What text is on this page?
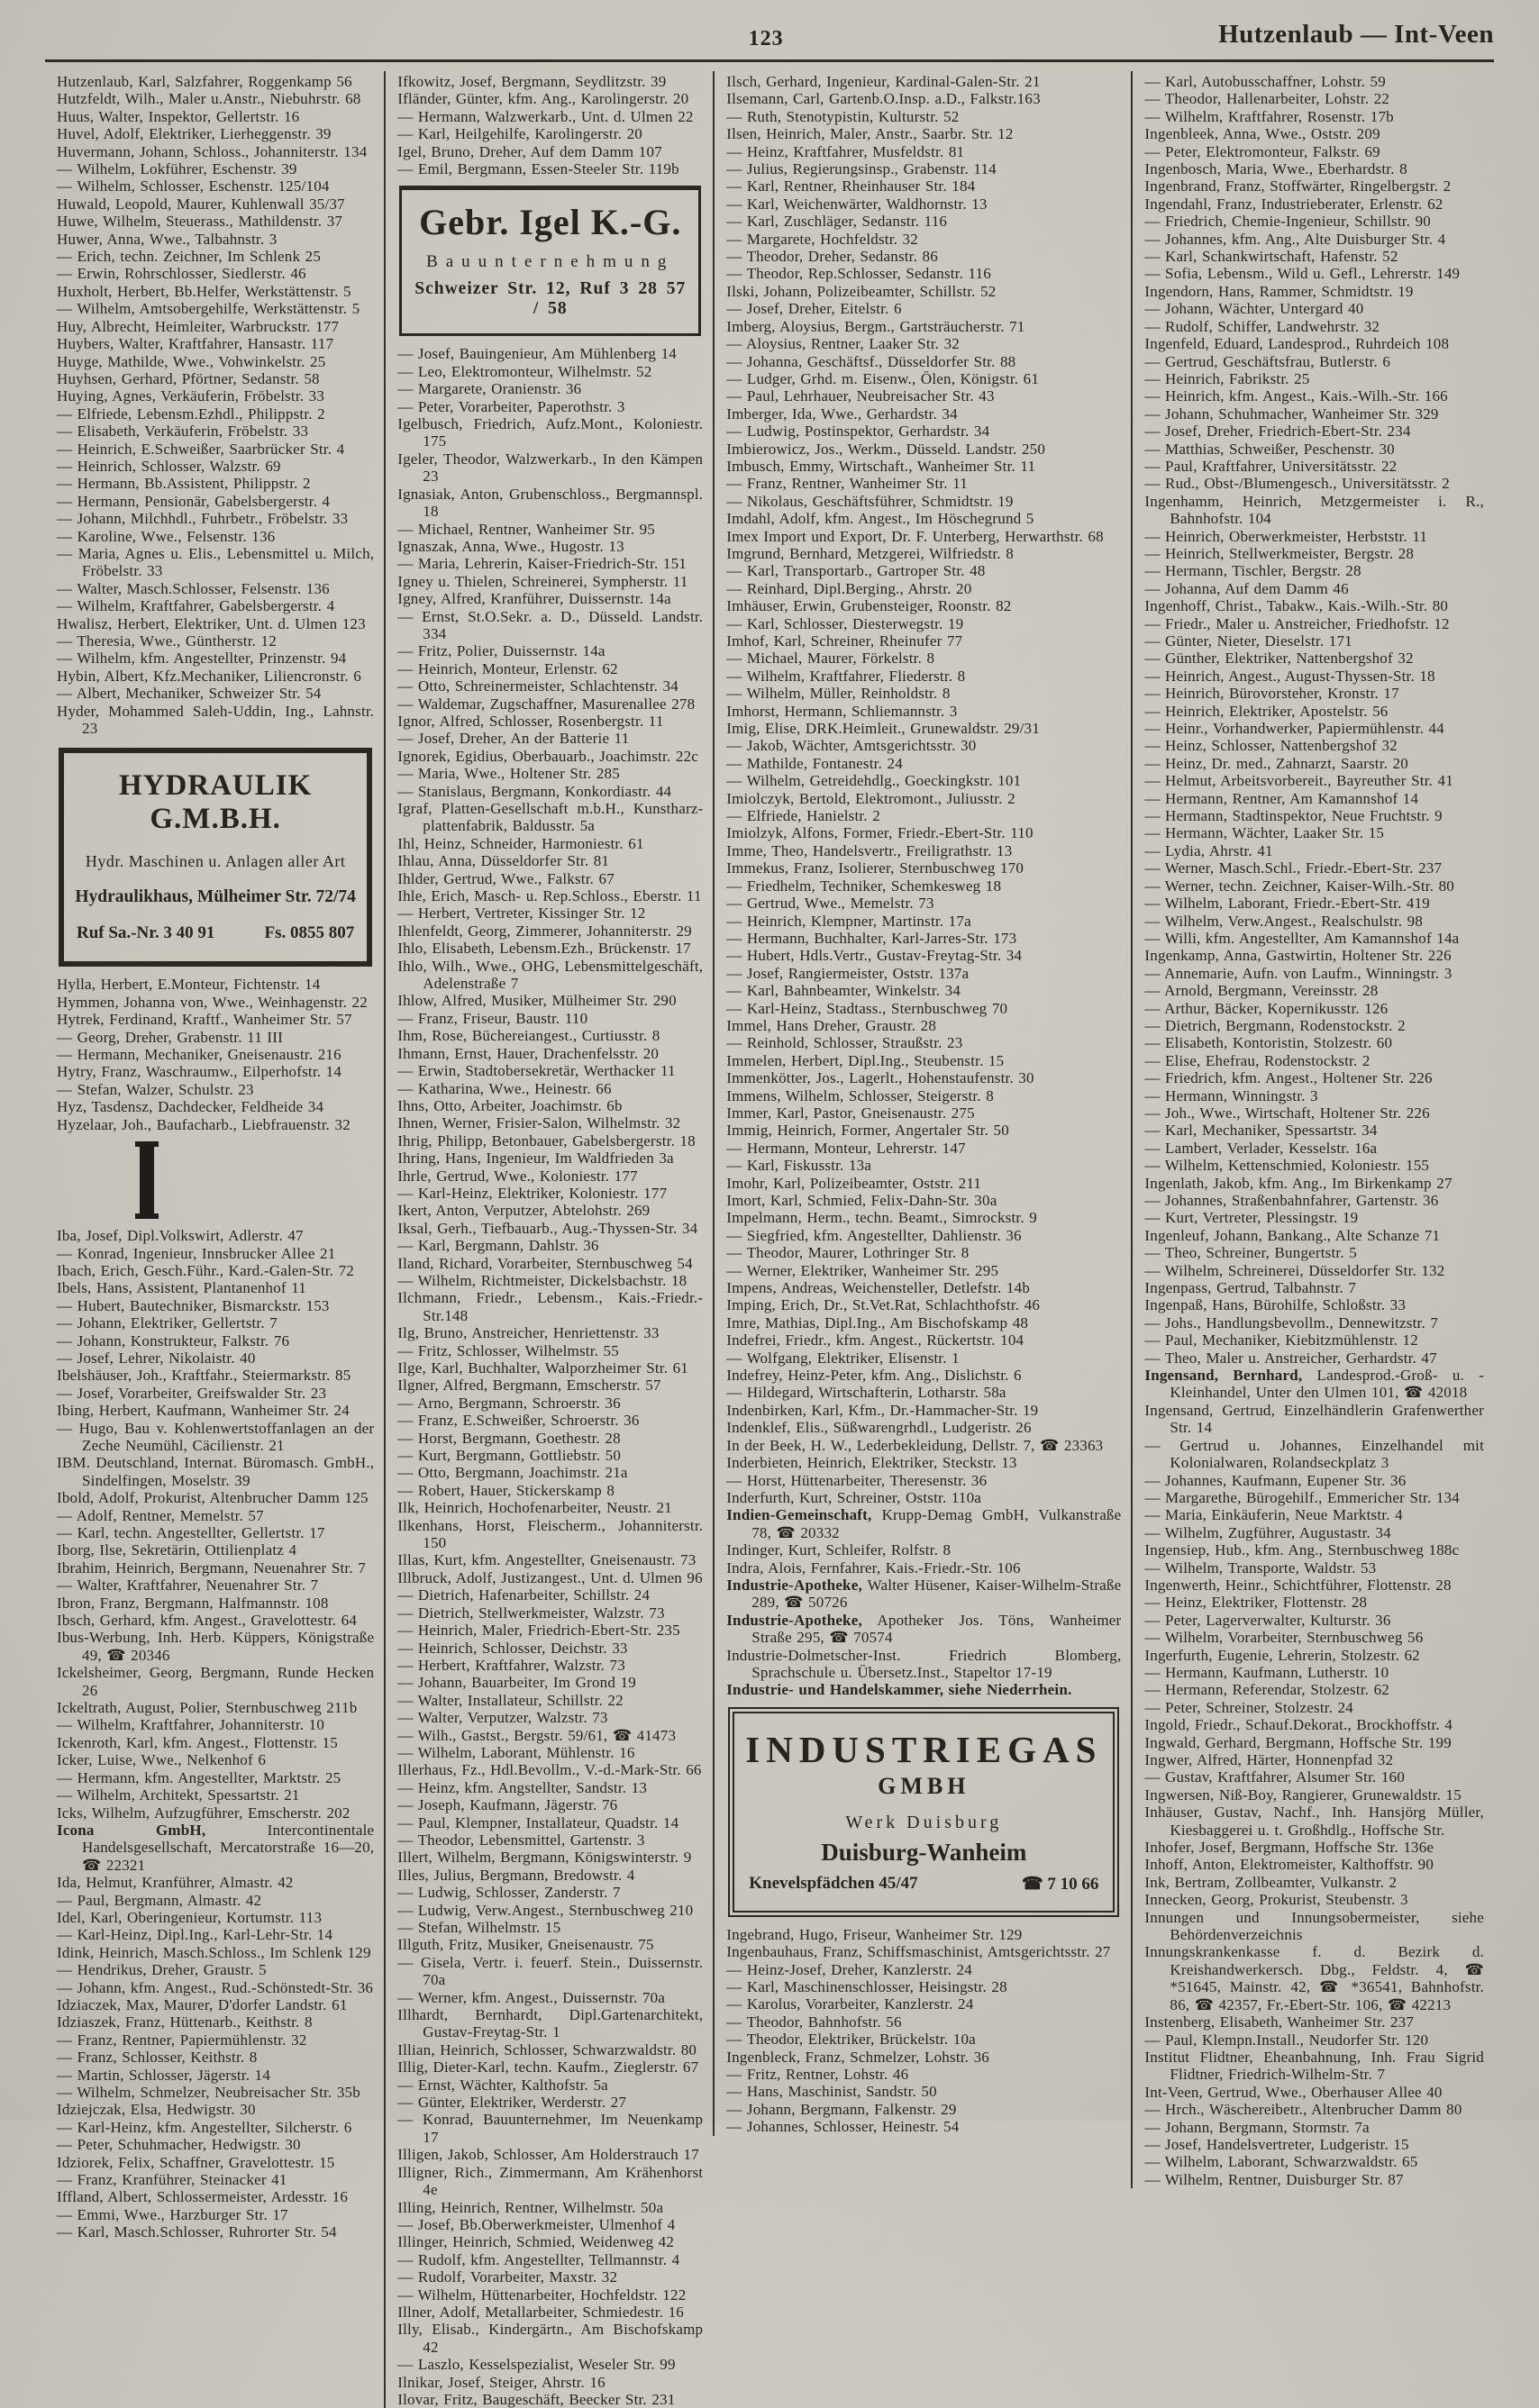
123	Hutzenlaub — Int-Veen
Hutzenlaub, Karl, Salzfahrer, Roggenkamp 56
Hutzfeldt, Wilh., Maler u.Anstr., Niebuhrstr. 68
Huus, Walter, Inspektor, Gellertstr. 16
Huvel, Adolf, Elektriker, Lierheggenstr. 39
Huvermann, Johann, Schloss., Johanniterstr. 134
— Wilhelm, Lokführer, Eschenstr. 39
— Wilhelm, Schlosser, Eschenstr. 125/104
Huwald, Leopold, Maurer, Kuhlenwall 35/37
Huwe, Wilhelm, Steuerass., Mathildenstr. 37
Huwer, Anna, Wwe., Talbahnstr. 3
— Erich, techn. Zeichner, Im Schlenk 25
— Erwin, Rohrschlosser, Siedlerstr. 46
Huxholt, Herbert, Bb.Helfer, Werkstättenstr. 5
— Wilhelm, Amtsobergehilfe, Werkstättenstr. 5
Huy, Albrecht, Heimleiter, Warbruckstr. 177
Huybers, Walter, Kraftfahrer, Hansastr. 117
Huyge, Mathilde, Wwe., Vohwinkelstr. 25
Huyhsen, Gerhard, Pförtner, Sedanstr. 58
Huying, Agnes, Verkäuferin, Fröbelstr. 33
— Elfriede, Lebensm.Ezhdl., Philippstr. 2
— Elisabeth, Verkäuferin, Fröbelstr. 33
— Heinrich, E.Schweißer, Saarbrücker Str. 4
— Heinrich, Schlosser, Walzstr. 69
— Hermann, Bb.Assistent, Philippstr. 2
— Hermann, Pensionär, Gabelsbergerstr. 4
— Johann, Milchhdl., Fuhrbetr., Fröbelstr. 33
— Karoline, Wwe., Felsenstr. 136
— Maria, Agnes u. Elis., Lebensmittel u. Milch, Fröbelstr. 33
— Walter, Masch.Schlosser, Felsenstr. 136
— Wilhelm, Kraftfahrer, Gabelsbergerstr. 4
Hwalisz, Herbert, Elektriker, Unt. d. Ulmen 123
— Theresia, Wwe., Güntherstr. 12
— Wilhelm, kfm. Angestellter, Prinzenstr. 94
Hybin, Albert, Kfz.Mechaniker, Liliencronstr. 6
— Albert, Mechaniker, Schweizer Str. 54
Hyder, Mohammed Saleh-Uddin, Ing., Lahnstr. 23
HYDRAULIK G.M.B.H.
Hydr. Maschinen u. Anlagen aller Art
Hydraulikhaus, Mülheimer Str. 72/74
Ruf Sa.-Nr. 3 40 91	Fs. 0855 807
Hylla, Herbert, E.Monteur, Fichtenstr. 14
Hymmen, Johanna von, Wwe., Weinhagenstr. 22
Hytrek, Ferdinand, Kraftf., Wanheimer Str. 57
— Georg, Dreher, Grabenstr. 11 III
— Hermann, Mechaniker, Gneisenaustr. 216
Hytry, Franz, Waschraumw., Eilperhofstr. 14
— Stefan, Walzer, Schulstr. 23
Hyz, Tasdensz, Dachdecker, Feldheide 34
Hyzelaar, Joh., Baufacharb., Liebfrauenstr. 32
Iba, Josef, Dipl.Volkswirt, Adlerstr. 47
— Konrad, Ingenieur, Innsbrucker Allee 21
Ibach, Erich, Gesch.Führ., Kard.-Galen-Str. 72
Ibels, Hans, Assistent, Plantanenhof 11
— Hubert, Bautechniker, Bismarckstr. 153
— Johann, Elektriker, Gellertstr. 7
— Johann, Konstrukteur, Falkstr. 76
— Josef, Lehrer, Nikolaistr. 40
Ibelshäuser, Joh., Kraftfahr., Steiermarkstr. 85
— Josef, Vorarbeiter, Greifswalder Str. 23
Ibing, Herbert, Kaufmann, Wanheimer Str. 24
— Hugo, Bau v. Kohlenwertstoffanlagen an der Zeche Neumühl, Cäcilienstr. 21
IBM. Deutschland, Internat. Büromasch. GmbH., Sindelfingen, Moselstr. 39
Ibold, Adolf, Prokurist, Altenbrucher Damm 125
— Adolf, Rentner, Memelstr. 57
— Karl, techn. Angestellter, Gellertstr. 17
Iborg, Ilse, Sekretärin, Ottilienplatz 4
Ibrahim, Heinrich, Bergmann, Neuenahrer Str. 7
— Walter, Kraftfahrer, Neuenahrer Str. 7
Ibron, Franz, Bergmann, Halfmannstr. 108
Ibsch, Gerhard, kfm. Angest., Gravelottestr. 64
Ibus-Werbung, Inh. Herb. Küppers, Königstraße 49, ☎ 20346
Ickelsheimer, Georg, Bergmann, Runde Hecken 26
Ickeltrath, August, Polier, Sternbuschweg 211b
— Wilhelm, Kraftfahrer, Johanniterstr. 10
Ickenroth, Karl, kfm. Angest., Flottenstr. 15
Icker, Luise, Wwe., Nelkenhof 6
— Hermann, kfm. Angestellter, Marktstr. 25
— Wilhelm, Architekt, Spessartstr. 21
Icks, Wilhelm, Aufzugführer, Emscherstr. 202
Icona GmbH, Intercontinentale Handelsgesellschaft, Mercatorstraße 16—20, ☎ 22321
Ida, Helmut, Kranführer, Almastr. 42
— Paul, Bergmann, Almastr. 42
Idel, Karl, Oberingenieur, Kortumstr. 113
— Karl-Heinz, Dipl.Ing., Karl-Lehr-Str. 14
Idink, Heinrich, Masch.Schloss., Im Schlenk 129
— Hendrikus, Dreher, Graustr. 5
— Johann, kfm. Angest., Rud.-Schönstedt-Str. 36
Idziaczek, Max, Maurer, D'dorfer Landstr. 61
Idziaszek, Franz, Hüttenarb., Keithstr. 8
— Franz, Rentner, Papiermühlenstr. 32
— Franz, Schlosser, Keithstr. 8
— Martin, Schlosser, Jägerstr. 14
— Wilhelm, Schmelzer, Neubreisacher Str. 35b
Idziejczak, Elsa, Hedwigstr. 30
— Karl-Heinz, kfm. Angestellter, Silcherstr. 6
— Peter, Schuhmacher, Hedwigstr. 30
Idziorek, Felix, Schaffner, Gravelottestr. 15
— Franz, Kranführer, Steinacker 41
Iffland, Albert, Schlossermeister, Ardesstr. 16
— Emmi, Wwe., Harzburger Str. 17
— Karl, Masch.Schlosser, Ruhrorter Str. 54
Ifkowitz, Josef, Bergmann, Seydlitzstr. 39
Ifländer, Günter, kfm. Ang., Karolingerstr. 20
— Hermann, Walzwerkarb., Unt. d. Ulmen 22
— Karl, Heilgehilfe, Karolingerstr. 20
Igel, Bruno, Dreher, Auf dem Damm 107
— Emil, Bergmann, Essen-Steeler Str. 119b
Gebr. Igel K.-G.
Bauunternehmung
Schweizer Str. 12, Ruf 3 28 57 / 58
— Josef, Bauingenieur, Am Mühlenberg 14
— Leo, Elektromonteur, Wilhelmstr. 52
— Margarete, Oranienstr. 36
— Peter, Vorarbeiter, Paperothstr. 3
Igelbusch, Friedrich, Aufz.Mont., Koloniestr. 175
Igeler, Theodor, Walzwerkarb., In den Kämpen 23
Ignasiak, Anton, Grubenschloss., Bergmannspl. 18
— Michael, Rentner, Wanheimer Str. 95
Ignaszak, Anna, Wwe., Hugostr. 13
— Maria, Lehrerin, Kaiser-Friedrich-Str. 151
Igney u. Thielen, Schreinerei, Sympherstr. 11
Igney, Alfred, Kranführer, Duissernstr. 14a
— Ernst, St.O.Sekr. a. D., Düsseld. Landstr. 334
— Fritz, Polier, Duissernstr. 14a
— Heinrich, Monteur, Erlenstr. 62
— Otto, Schreinermeister, Schlachtenstr. 34
— Waldemar, Zugschaffner, Masurenallee 278
Ignor, Alfred, Schlosser, Rosenbergstr. 11
— Josef, Dreher, An der Batterie 11
Ignorek, Egidius, Oberbauarb., Joachimstr. 22c
— Maria, Wwe., Holtener Str. 285
— Stanislaus, Bergmann, Konkordiastr. 44
Igraf, Platten-Gesellschaft m.b.H., Kunstharzplattenfabrik, Baldusstr. 5a
Ihl, Heinz, Schneider, Harmoniestr. 61
Ihlau, Anna, Düsseldorfer Str. 81
Ihlder, Gertrud, Wwe., Falkstr. 67
Ihle, Erich, Masch- u. Rep.Schloss., Eberstr. 11
— Herbert, Vertreter, Kissinger Str. 12
Ihlenfeldt, Georg, Zimmerer, Johanniterstr. 29
Ihlo, Elisabeth, Lebensm.Ezh., Brückenstr. 17
Ihlo, Wilh., Wwe., OHG, Lebensmittelgeschäft, Adelenstraße 7
Ihlow, Alfred, Musiker, Mülheimer Str. 290
— Franz, Friseur, Baustr. 110
Ihm, Rose, Büchereiangest., Curtiusstr. 8
Ihmann, Ernst, Hauer, Drachenfelsstr. 20
— Erwin, Stadtobersekretär, Werthacker 11
— Katharina, Wwe., Heinestr. 66
Ihns, Otto, Arbeiter, Joachimstr. 6b
Ihnen, Werner, Frisier-Salon, Wilhelmstr. 32
Ihrig, Philipp, Betonbauer, Gabelsbergerstr. 18
Ihring, Hans, Ingenieur, Im Waldfrieden 3a
Ihrle, Gertrud, Wwe., Koloniestr. 177
— Karl-Heinz, Elektriker, Koloniestr. 177
Ikert, Anton, Verputzer, Abtelohstr. 269
Iksal, Gerh., Tiefbauarb., Aug.-Thyssen-Str. 34
— Karl, Bergmann, Dahlstr. 36
Iland, Richard, Vorarbeiter, Sternbuschweg 54
— Wilhelm, Richtmeister, Dickelsbachstr. 18
Ilchmann, Friedr., Lebensm., Kais.-Friedr.-Str.148
Ilg, Bruno, Anstreicher, Henriettenstr. 33
— Fritz, Schlosser, Wilhelmstr. 55
Ilge, Karl, Buchhalter, Walporzheimer Str. 61
Ilgner, Alfred, Bergmann, Emscherstr. 57
— Arno, Bergmann, Schroerstr. 36
— Franz, E.Schweißer, Schroerstr. 36
— Horst, Bergmann, Goethestr. 28
— Kurt, Bergmann, Gottliebstr. 50
— Otto, Bergmann, Joachimstr. 21a
— Robert, Hauer, Stickerskamp 8
Ilk, Heinrich, Hochofenarbeiter, Neustr. 21
Ilkenhans, Horst, Fleischerm., Johanniterstr. 150
Illas, Kurt, kfm. Angestellter, Gneisenaustr. 73
Illbruck, Adolf, Justizangest., Unt. d. Ulmen 96
— Dietrich, Hafenarbeiter, Schillstr. 24
— Dietrich, Stellwerkmeister, Walzstr. 73
— Heinrich, Maler, Friedrich-Ebert-Str. 235
— Heinrich, Schlosser, Deichstr. 33
— Herbert, Kraftfahrer, Walzstr. 73
— Johann, Bauarbeiter, Im Grond 19
— Walter, Installateur, Schillstr. 22
— Walter, Verputzer, Walzstr. 73
— Wilh., Gastst., Bergstr. 59/61, ☎ 41473
— Wilhelm, Laborant, Mühlenstr. 16
Illerhaus, Fz., Hdl.Bevollm., V.-d.-Mark-Str. 66
— Heinz, kfm. Angstellter, Sandstr. 13
— Joseph, Kaufmann, Jägerstr. 76
— Paul, Klempner, Installateur, Quadstr. 14
— Theodor, Lebensmittel, Gartenstr. 3
Illert, Wilhelm, Bergmann, Königswinterstr. 9
Illes, Julius, Bergmann, Bredowstr. 4
— Ludwig, Schlosser, Zanderstr. 7
— Ludwig, Verw.Angest., Sternbuschweg 210
— Stefan, Wilhelmstr. 15
Illguth, Fritz, Musiker, Gneisenaustr. 75
— Gisela, Vertr. i. feuerf. Stein., Duissernstr. 70a
— Werner, kfm. Angest., Duissernstr. 70a
Illhardt, Bernhardt, Dipl.Gartenarchitekt, Gustav-Freytag-Str. 1
Illian, Heinrich, Schlosser, Schwarzwaldstr. 80
Illig, Dieter-Karl, techn. Kaufm., Zieglerstr. 67
— Ernst, Wächter, Kalthofstr. 5a
— Günter, Elektriker, Werderstr. 27
— Konrad, Bauunternehmer, Im Neuenkamp 17
Illigen, Jakob, Schlosser, Am Holderstrauch 17
Illigner, Rich., Zimmermann, Am Krähenhorst 4e
Illing, Heinrich, Rentner, Wilhelmstr. 50a
— Josef, Bb.Oberwerkmeister, Ulmenhof 4
Illinger, Heinrich, Schmied, Weidenweg 42
— Rudolf, kfm. Angestellter, Tellmannstr. 4
— Rudolf, Vorarbeiter, Maxstr. 32
— Wilhelm, Hüttenarbeiter, Hochfeldstr. 122
Illner, Adolf, Metallarbeiter, Schmiedestr. 16
Illy, Elisab., Kindergärtn., Am Bischofskamp 42
— Laszlo, Kesselspezialist, Weseler Str. 99
Ilnikar, Josef, Steiger, Ahrstr. 16
Ilovar, Fritz, Baugeschäft, Beecker Str. 231
Ilsch, Gerhard, Ingenieur, Kardinal-Galen-Str. 21
Ilsemann, Carl, Gartenb.O.Insp. a.D., Falkstr.163
— Ruth, Stenotypistin, Kulturstr. 52
Ilsen, Heinrich, Maler, Anstr., Saarbr. Str. 12
— Heinz, Kraftfahrer, Musfeldstr. 81
— Julius, Regierungsinsp., Grabenstr. 114
— Karl, Rentner, Rheinhauser Str. 184
— Karl, Weichenwärter, Waldhornstr. 13
— Karl, Zuschläger, Sedanstr. 116
— Margarete, Hochfeldstr. 32
— Theodor, Dreher, Sedanstr. 86
— Theodor, Rep.Schlosser, Sedanstr. 116
Ilski, Johann, Polizeibeamter, Schillstr. 52
— Josef, Dreher, Eitelstr. 6
Imberg, Aloysius, Bergm., Gartsträucherstr. 71
— Aloysius, Rentner, Laaker Str. 32
— Johanna, Geschäftsf., Düsseldorfer Str. 88
— Ludger, Grhd. m. Eisenw., Ölen, Königstr. 61
— Paul, Lehrhauer, Neubreisacher Str. 43
Imberger, Ida, Wwe., Gerhardstr. 34
— Ludwig, Postinspektor, Gerhardstr. 34
Imbierowicz, Jos., Werkm., Düsseld. Landstr. 250
Imbusch, Emmy, Wirtschaft., Wanheimer Str. 11
— Franz, Rentner, Wanheimer Str. 11
— Nikolaus, Geschäftsführer, Schmidtstr. 19
Imdahl, Adolf, kfm. Angest., Im Höschegrund 5
Imex Import und Export, Dr. F. Unterberg, Herwarthstr. 68
Imgrund, Bernhard, Metzgerei, Wilfriedstr. 8
— Karl, Transportarb., Gartroper Str. 48
— Reinhard, Dipl.Berging., Ahrstr. 20
Imhäuser, Erwin, Grubensteiger, Roonstr. 82
— Karl, Schlosser, Diesterwegstr. 19
Imhof, Karl, Schreiner, Rheinufer 77
— Michael, Maurer, Förkelstr. 8
— Wilhelm, Kraftfahrer, Fliederstr. 8
— Wilhelm, Müller, Reinholdstr. 8
Imhorst, Hermann, Schliemannstr. 3
Imig, Elise, DRK.Heimleit., Grunewaldstr. 29/31
— Jakob, Wächter, Amtsgerichtsstr. 30
— Mathilde, Fontanestr. 24
— Wilhelm, Getreidehdlg., Goeckingkstr. 101
Imiolczyk, Bertold, Elektromont., Juliusstr. 2
— Elfriede, Hanielstr. 2
Imiolzyk, Alfons, Former, Friedr.-Ebert-Str. 110
Imme, Theo, Handelsvertr., Freiligrathstr. 13
Immekus, Franz, Isolierer, Sternbuschweg 170
— Friedhelm, Techniker, Schemkesweg 18
— Gertrud, Wwe., Memelstr. 73
— Heinrich, Klempner, Martinstr. 17a
— Hermann, Buchhalter, Karl-Jarres-Str. 173
— Hubert, Hdls.Vertr., Gustav-Freytag-Str. 34
— Josef, Rangiermeister, Oststr. 137a
— Karl, Bahnbeamter, Winkelstr. 34
— Karl-Heinz, Stadtass., Sternbuschweg 70
Immel, Hans Dreher, Graustr. 28
— Reinhold, Schlosser, Straußstr. 23
Immelen, Herbert, Dipl.Ing., Steubenstr. 15
Immenkötter, Jos., Lagerlt., Hohenstaufenstr. 30
Immens, Wilhelm, Schlosser, Steigerstr. 8
Immer, Karl, Pastor, Gneisenaustr. 275
Immig, Heinrich, Former, Angertaler Str. 50
— Hermann, Monteur, Lehrerstr. 147
— Karl, Fiskusstr. 13a
Imohr, Karl, Polizeibeamter, Oststr. 211
Imort, Karl, Schmied, Felix-Dahn-Str. 30a
Impelmann, Herm., techn. Beamt., Simrockstr. 9
— Siegfried, kfm. Angestellter, Dahlienstr. 36
— Theodor, Maurer, Lothringer Str. 8
— Werner, Elektriker, Wanheimer Str. 295
Impens, Andreas, Weichensteller, Detlefstr. 14b
Imping, Erich, Dr., St.Vet.Rat, Schlachthofstr. 46
Imre, Mathias, Dipl.Ing., Am Bischofskamp 48
Indefrei, Friedr., kfm. Angest., Rückertstr. 104
— Wolfgang, Elektriker, Elisenstr. 1
Indefrey, Heinz-Peter, kfm. Ang., Dislichstr. 6
— Hildegard, Wirtschafterin, Lotharstr. 58a
Indenbirken, Karl, Kfm., Dr.-Hammacher-Str. 19
Indenklef, Elis., Süßwarengrhdl., Ludgeristr. 26
In der Beek, H. W., Lederbekleidung, Dellstr. 7, ☎ 23363
Inderbieten, Heinrich, Elektriker, Steckstr. 13
— Horst, Hüttenarbeiter, Theresenstr. 36
Inderfurth, Kurt, Schreiner, Oststr. 110a
Indien-Gemeinschaft, Krupp-Demag GmbH, Vulkanstraße 78, ☎ 20332
Indinger, Kurt, Schleifer, Rolfstr. 8
Indra, Alois, Fernfahrer, Kais.-Friedr.-Str. 106
Industrie-Apotheke, Walter Hüsener, Kaiser-Wilhelm-Straße 289, ☎ 50726
Industrie-Apotheke, Apotheker Jos. Töns, Wanheimer Straße 295, ☎ 70574
Industrie-Dolmetscher-Inst. Friedrich Blomberg, Sprachschule u. Übersetz.Inst., Stapeltor 17-19
Industrie- und Handelskammer, siehe Niederrhein.
INDUSTRIEGAS
GMBH
Werk Duisburg
Duisburg-Wanheim
Knevelspfädchen 45/47	☎ 7 10 66
Ingebrand, Hugo, Friseur, Wanheimer Str. 129
Ingenbauhaus, Franz, Schiffsmaschinist, Amtsgerichtsstr. 27
— Heinz-Josef, Dreher, Kanzlerstr. 24
— Karl, Maschinenschlosser, Heisingstr. 28
— Karolus, Vorarbeiter, Kanzlerstr. 24
— Theodor, Bahnhofstr. 56
— Theodor, Elektriker, Brückelstr. 10a
Ingenbleck, Franz, Schmelzer, Lohstr. 36
— Fritz, Rentner, Lohstr. 46
— Hans, Maschinist, Sandstr. 50
— Johann, Bergmann, Falkenstr. 29
— Johannes, Schlosser, Heinestr. 54
— Karl, Autobusschaffner, Lohstr. 59
— Theodor, Hallenarbeiter, Lohstr. 22
— Wilhelm, Kraftfahrer, Rosenstr. 17b
Ingenbleek, Anna, Wwe., Oststr. 209
— Peter, Elektromonteur, Falkstr. 69
Ingenbosch, Maria, Wwe., Eberhardstr. 8
Ingenbrand, Franz, Stoffwärter, Ringelbergstr. 2
Ingendahl, Franz, Industrieberater, Erlenstr. 62
— Friedrich, Chemie-Ingenieur, Schillstr. 90
— Johannes, kfm. Ang., Alte Duisburger Str. 4
— Karl, Schankwirtschaft, Hafenstr. 52
— Sofia, Lebensm., Wild u. Gefl., Lehrerstr. 149
Ingendorn, Hans, Rammer, Schmidtstr. 19
— Johann, Wächter, Untergard 40
— Rudolf, Schiffer, Landwehrstr. 32
Ingenfeld, Eduard, Landesprod., Ruhrdeich 108
— Gertrud, Geschäftsfrau, Butlerstr. 6
— Heinrich, Fabrikstr. 25
— Heinrich, kfm. Angest., Kais.-Wilh.-Str. 166
— Johann, Schuhmacher, Wanheimer Str. 329
— Josef, Dreher, Friedrich-Ebert-Str. 234
— Matthias, Schweißer, Peschenstr. 30
— Paul, Kraftfahrer, Universitätsstr. 22
— Rud., Obst-/Blumengesch., Universitätsstr. 2
Ingenhamm, Heinrich, Metzgermeister i. R., Bahnhofstr. 104
— Heinrich, Oberwerkmeister, Herbststr. 11
— Heinrich, Stellwerkmeister, Bergstr. 28
— Hermann, Tischler, Bergstr. 28
— Johanna, Auf dem Damm 46
Ingenhoff, Christ., Tabakw., Kais.-Wilh.-Str. 80
— Friedr., Maler u. Anstreicher, Friedhofstr. 12
— Günter, Nieter, Dieselstr. 171
— Günther, Elektriker, Nattenbergshof 32
— Heinrich, Angest., August-Thyssen-Str. 18
— Heinrich, Bürovorsteher, Kronstr. 17
— Heinrich, Elektriker, Apostelstr. 56
— Heinr., Vorhandwerker, Papiermühlenstr. 44
— Heinz, Schlosser, Nattenbergshof 32
— Heinz, Dr. med., Zahnarzt, Saarstr. 20
— Helmut, Arbeitsvorbereit., Bayreuther Str. 41
— Hermann, Rentner, Am Kamannshof 14
— Hermann, Stadtinspektor, Neue Fruchtstr. 9
— Hermann, Wächter, Laaker Str. 15
— Lydia, Ahrstr. 41
— Werner, Masch.Schl., Friedr.-Ebert-Str. 237
— Werner, techn. Zeichner, Kaiser-Wilh.-Str. 80
— Wilhelm, Laborant, Friedr.-Ebert-Str. 419
— Wilhelm, Verw.Angest., Realschulstr. 98
— Willi, kfm. Angestellter, Am Kamannshof 14a
Ingenkamp, Anna, Gastwirtin, Holtener Str. 226
— Annemarie, Aufn. von Laufm., Winningstr. 3
— Arnold, Bergmann, Vereinsstr. 28
— Arthur, Bäcker, Kopernikusstr. 126
— Dietrich, Bergmann, Rodenstockstr. 2
— Elisabeth, Kontoristin, Stolzestr. 60
— Elise, Ehefrau, Rodenstockstr. 2
— Friedrich, kfm. Angest., Holtener Str. 226
— Hermann, Winningstr. 3
— Joh., Wwe., Wirtschaft, Holtener Str. 226
— Karl, Mechaniker, Spessartstr. 34
— Lambert, Verlader, Kesselstr. 16a
— Wilhelm, Kettenschmied, Koloniestr. 155
Ingenlath, Jakob, kfm. Ang., Im Birkenkamp 27
— Johannes, Straßenbahnfahrer, Gartenstr. 36
— Kurt, Vertreter, Plessingstr. 19
Ingenleuf, Johann, Bankang., Alte Schanze 71
— Theo, Schreiner, Bungertstr. 5
— Wilhelm, Schreinerei, Düsseldorfer Str. 132
Ingenpass, Gertrud, Talbahnstr. 7
Ingenpaß, Hans, Bürohilfe, Schloßstr. 33
— Johs., Handlungsbevollm., Dennewitzstr. 7
— Paul, Mechaniker, Kiebitzmühlenstr. 12
— Theo, Maler u. Anstreicher, Gerhardstr. 47
Ingensand, Bernhard, Landesprod.-Groß- u. -Kleinhandel, Unter den Ulmen 101, ☎ 42018
Ingensand, Gertrud, Einzelhändlerin Grafenwerther Str. 14
— Gertrud u. Johannes, Einzelhandel mit Kolonialwaren, Rolandseckplatz 3
— Johannes, Kaufmann, Eupener Str. 36
— Margarethe, Bürogehilf., Emmericher Str. 134
— Maria, Einkäuferin, Neue Marktstr. 4
— Wilhelm, Zugführer, Augustastr. 34
Ingensiep, Hub., kfm. Ang., Sternbuschweg 188c
— Wilhelm, Transporte, Waldstr. 53
Ingenwerth, Heinr., Schichtführer, Flottenstr. 28
— Heinz, Elektriker, Flottenstr. 28
— Peter, Lagerverwalter, Kulturstr. 36
— Wilhelm, Vorarbeiter, Sternbuschweg 56
Ingerfurth, Eugenie, Lehrerin, Stolzestr. 62
— Hermann, Kaufmann, Lutherstr. 10
— Hermann, Referendar, Stolzestr. 62
— Peter, Schreiner, Stolzestr. 24
Ingold, Friedr., Schauf.Dekorat., Brockhoffstr. 4
Ingwald, Gerhard, Bergmann, Hoffsche Str. 199
Ingwer, Alfred, Härter, Honnenpfad 32
— Gustav, Kraftfahrer, Alsumer Str. 160
Ingwersen, Niß-Boy, Rangierer, Grunewaldstr. 15
Inhäuser, Gustav, Nachf., Inh. Hansjörg Müller, Kiesbaggerei u. t. Großhdlg., Hoffsche Str.
Inhofer, Josef, Bergmann, Hoffsche Str. 136e
Inhoff, Anton, Elektromeister, Kalthoffstr. 90
Ink, Bertram, Zollbeamter, Vulkanstr. 2
Innecken, Georg, Prokurist, Steubenstr. 3
Innungen und Innungsobermeister, siehe Behördenverzeichnis
Innungskrankenkasse f. d. Bezirk d. Kreishandwerkersch. Dbg., Feldstr. 4, ☎ *51645, Mainstr. 42, ☎ *36541, Bahnhofstr. 86, ☎ 42357, Fr.-Ebert-Str. 106, ☎ 42213
Instenberg, Elisabeth, Wanheimer Str. 237
— Paul, Klempn.Install., Neudorfer Str. 120
Institut Flidtner, Eheanbahnung, Inh. Frau Sigrid Flidtner, Friedrich-Wilhelm-Str. 7
Int-Veen, Gertrud, Wwe., Oberhauser Allee 40
— Hrch., Wäschereibetr., Altenbrucher Damm 80
— Johann, Bergmann, Stormstr. 7a
— Josef, Handelsvertreter, Ludgeristr. 15
— Wilhelm, Laborant, Schwarzwaldstr. 65
— Wilhelm, Rentner, Duisburger Str. 87
